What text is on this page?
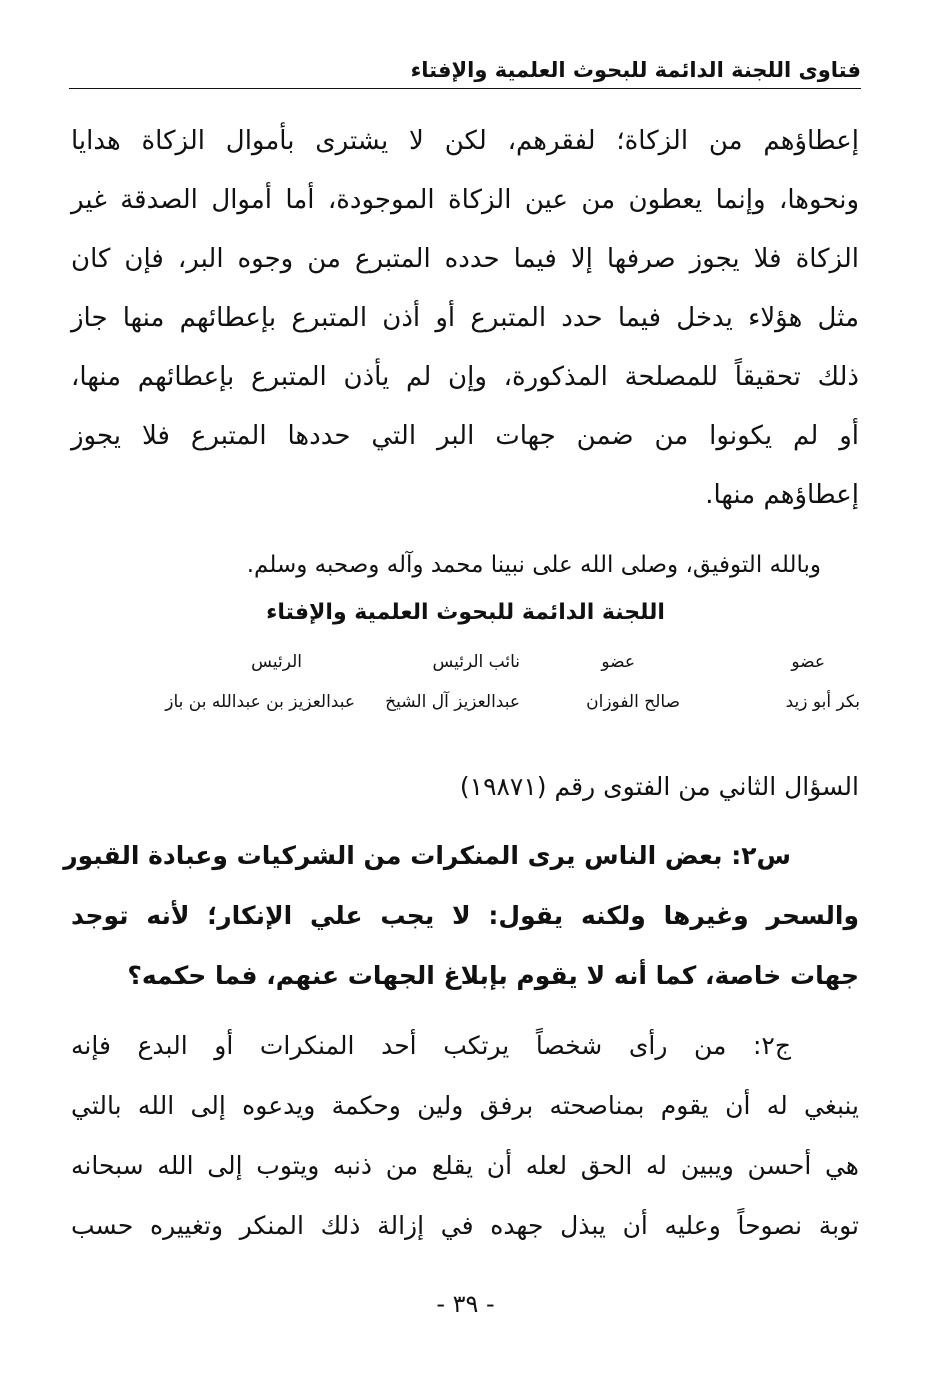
فتاوى اللجنة الدائمة للبحوث العلمية والإفتاء

إعطاؤهم من الزكاة؛ لفقرهم، لكن لا يشترى بأموال الزكاة هدايا

ونحوها، وإنما يعطون من عين الزكاة الموجودة، أما أموال الصدقة غير

الزكاة فلا يجوز صرفها إلا فيما حدده المتبرع من وجوه البر، فإن كان

مثل هؤلاء يدخل فيما حدد المتبرع أو أذن المتبرع بإعطائهم منها جاز

ذلك تحقيقاً للمصلحة المذكورة، وإن لم يأذن المتبرع بإعطائهم منها،

أو لم يكونوا من ضمن جهات البر التي حددها المتبرع فلا يجوز

إعطاؤهم منها.

وبالله التوفيق، وصلى الله على نبينا محمد وآله وصحبه وسلم.
اللجنة الدائمة للبحوث العلمية والإفتاء
عضو
عضو
نائب الرئيس
الرئيس
بكر أبو زيد
صالح الفوزان
عبدالعزيز آل الشيخ
عبدالعزيز بن عبدالله بن باز
السؤال الثاني من الفتوى رقم (١٩٨٧١)

س٢: بعض الناس يرى المنكرات من الشركيات وعبادة القبور

والسحر وغيرها ولكنه يقول: لا يجب علي الإنكار؛ لأنه توجد

جهات خاصة، كما أنه لا يقوم بإبلاغ الجهات عنهم، فما حكمه؟

ج٢: من رأى شخصاً يرتكب أحد المنكرات أو البدع فإنه

ينبغي له أن يقوم بمناصحته برفق ولين وحكمة ويدعوه إلى الله بالتي

هي أحسن ويبين له الحق لعله أن يقلع من ذنبه ويتوب إلى الله سبحانه

توبة نصوحاً وعليه أن يبذل جهده في إزالة ذلك المنكر وتغييره حسب

- ٣٩ -
